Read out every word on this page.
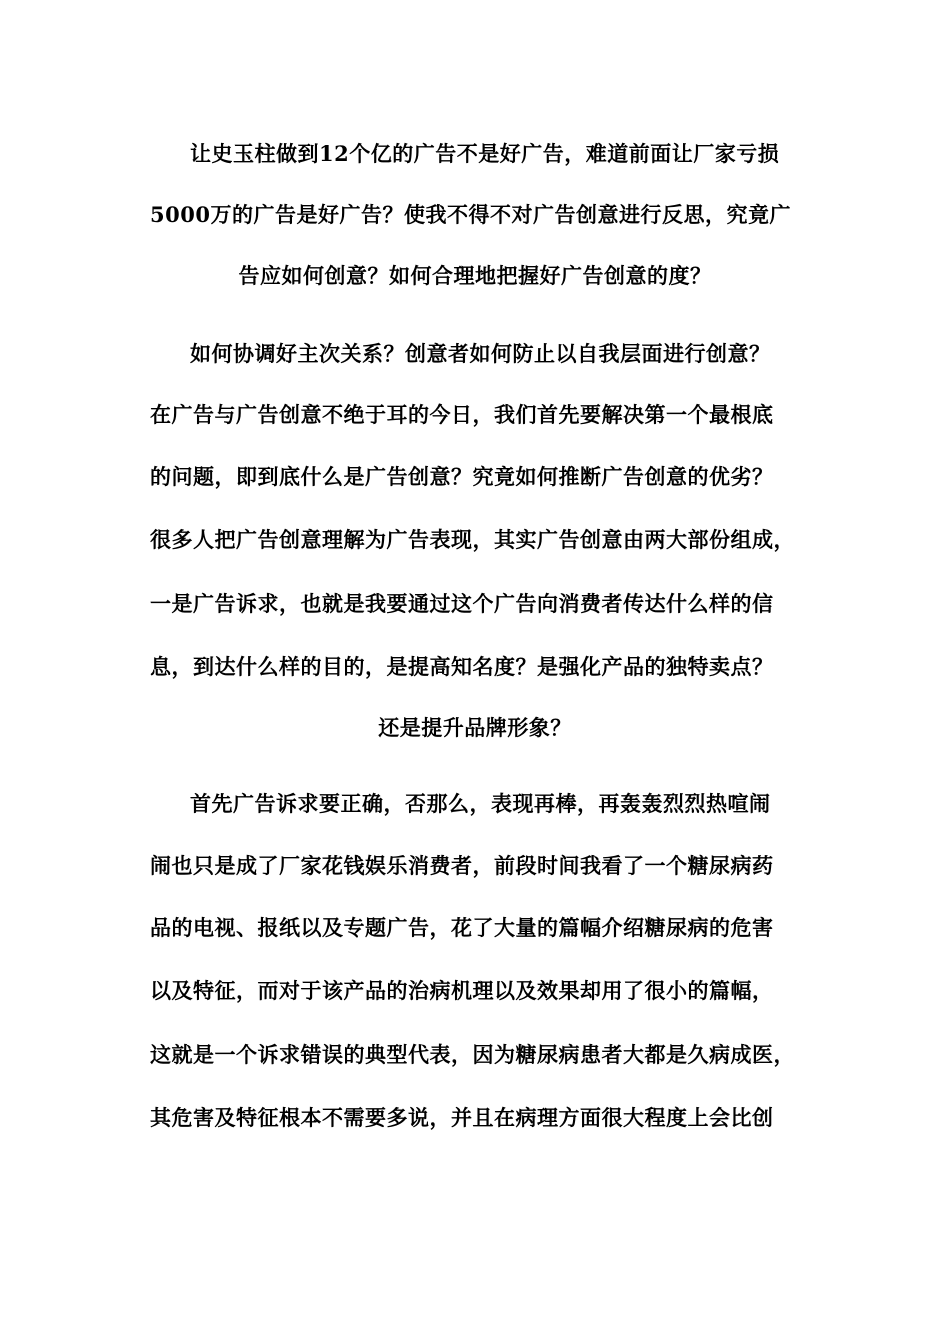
让史玉柱做到12个亿的广告不是好广告，难道前面让厂家亏损
5000万的广告是好广告？使我不得不对广告创意进行反思，究竟广
告应如何创意？如何合理地把握好广告创意的度？
如何协调好主次关系？创意者如何防止以自我层面进行创意？
在广告与广告创意不绝于耳的今日，我们首先要解决第一个最根底
的问题，即到底什么是广告创意？究竟如何推断广告创意的优劣？
很多人把广告创意理解为广告表现，其实广告创意由两大部份组成，
一是广告诉求，也就是我要通过这个广告向消费者传达什么样的信
息，到达什么样的目的，是提高知名度？是强化产品的独特卖点？
还是提升品牌形象？
首先广告诉求要正确，否那么，表现再棒，再轰轰烈烈热喧闹
闹也只是成了厂家花钱娱乐消费者，前段时间我看了一个糖尿病药
品的电视、报纸以及专题广告，花了大量的篇幅介绍糖尿病的危害
以及特征，而对于该产品的治病机理以及效果却用了很小的篇幅，
这就是一个诉求错误的典型代表，因为糖尿病患者大都是久病成医，
其危害及特征根本不需要多说，并且在病理方面很大程度上会比创
